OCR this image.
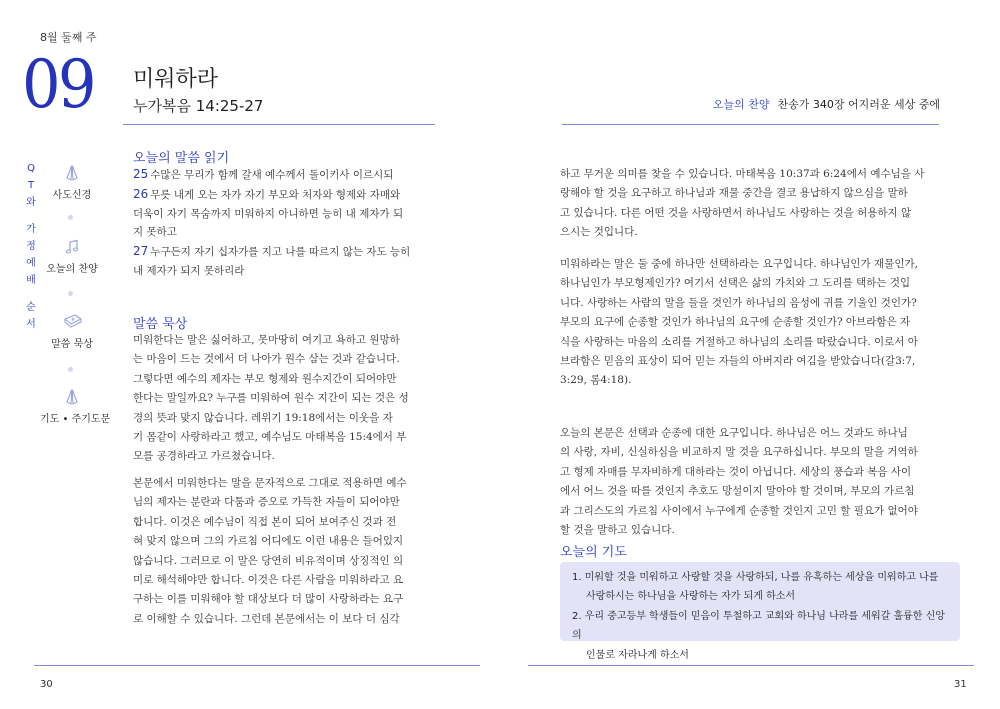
8월 둘째 주
09 미워하라
누가복음 14:25-27	오늘의 찬양 찬송가 340장 어지러운 세상 중에
Q
T
와
가
정
예
배
순
서
사도신경
오늘의 찬양
말씀 묵상
기도 • 주기도문
오늘의 말씀 읽기
25 수많은 무리가 함께 갈새 예수께서 돌이키사 이르시되
26 무릇 내게 오는 자가 자기 부모와 처자와 형제와 자매와
더욱이 자기 목숨까지 미워하지 아니하면 능히 내 제자가 되
지 못하고
27 누구든지 자기 십자가를 지고 나를 따르지 않는 자도 능히
내 제자가 되지 못하리라
말씀 묵상
미워한다는 말은 싫어하고, 못마땅히 여기고 욕하고 원망하
는 마음이 드는 것에서 더 나아가 원수 삼는 것과 같습니다.
그렇다면 예수의 제자는 부모 형제와 원수지간이 되어야만
한다는 말일까요? 누구를 미워하여 원수 지간이 되는 것은 성
경의 뜻과 맞지 않습니다. 레위기 19:18에서는 이웃을 자
기 몸같이 사랑하라고 했고, 예수님도 마태복음 15:4에서 부
모를 공경하라고 가르쳤습니다.
본문에서 미워한다는 말을 문자적으로 그대로 적용하면 예수
님의 제자는 분란과 다툼과 증오로 가득찬 자들이 되어야만
합니다. 이것은 예수님이 직접 본이 되어 보여주신 것과 전
혀 맞지 않으며 그의 가르침 어디에도 이런 내용은 들어있지
않습니다. 그러므로 이 말은 당연히 비유적이며 상징적인 의
미로 해석해야만 합니다. 이것은 다른 사람을 미워하라고 요
구하는 이를 미워해야 할 대상보다 더 많이 사랑하라는 요구
로 이해할 수 있습니다. 그런데 본문에서는 이 보다 더 심각
하고 무거운 의미를 찾을 수 있습니다. 마태복음 10:37과 6:24에서 예수님을 사
랑해야 할 것을 요구하고 하나님과 재물 중간을 결코 용납하지 않으심을 말하
고 있습니다. 다른 어떤 것을 사랑하면서 하나님도 사랑하는 것을 허용하지 않
으시는 것입니다.
미워하라는 말은 둘 중에 하나만 선택하라는 요구입니다. 하나님인가 재물인가,
하나님인가 부모형제인가? 여기서 선택은 삶의 가치와 그 도리를 택하는 것입
니다. 사랑하는 사람의 말을 들을 것인가 하나님의 음성에 귀를 기울인 것인가?
부모의 요구에 순종할 것인가 하나님의 요구에 순종할 것인가? 아브라함은 자
식을 사랑하는 마음의 소리를 거절하고 하나님의 소리를 따랐습니다. 이로서 아
브라함은 믿음의 표상이 되어 믿는 자들의 아버지라 여김을 받았습니다(갈3:7,
3:29, 롬4:18).
오늘의 본문은 선택과 순종에 대한 요구입니다. 하나님은 어느 것과도 하나님
의 사랑, 자비, 신실하심을 비교하지 말 것을 요구하십니다. 부모의 말을 거역하
고 형제 자매를 무자비하게 대하라는 것이 아닙니다. 세상의 풍습과 복음 사이
에서 어느 것을 따를 것인지 추호도 망설이지 말아야 할 것이며, 부모의 가르침
과 그리스도의 가르침 사이에서 누구에게 순종할 것인지 고민 할 필요가 없어야
할 것을 말하고 있습니다.
오늘의 기도
1. 미워할 것을 미워하고 사랑할 것을 사랑하되, 나를 유혹하는 세상을 미워하고 나를
사랑하시는 하나님을 사랑하는 자가 되게 하소서
2. 우리 중고등부 학생들이 믿음이 투철하고 교회와 하나님 나라를 세워갈 훌륭한 신앙의
인물로 자라나게 하소서
30	31
